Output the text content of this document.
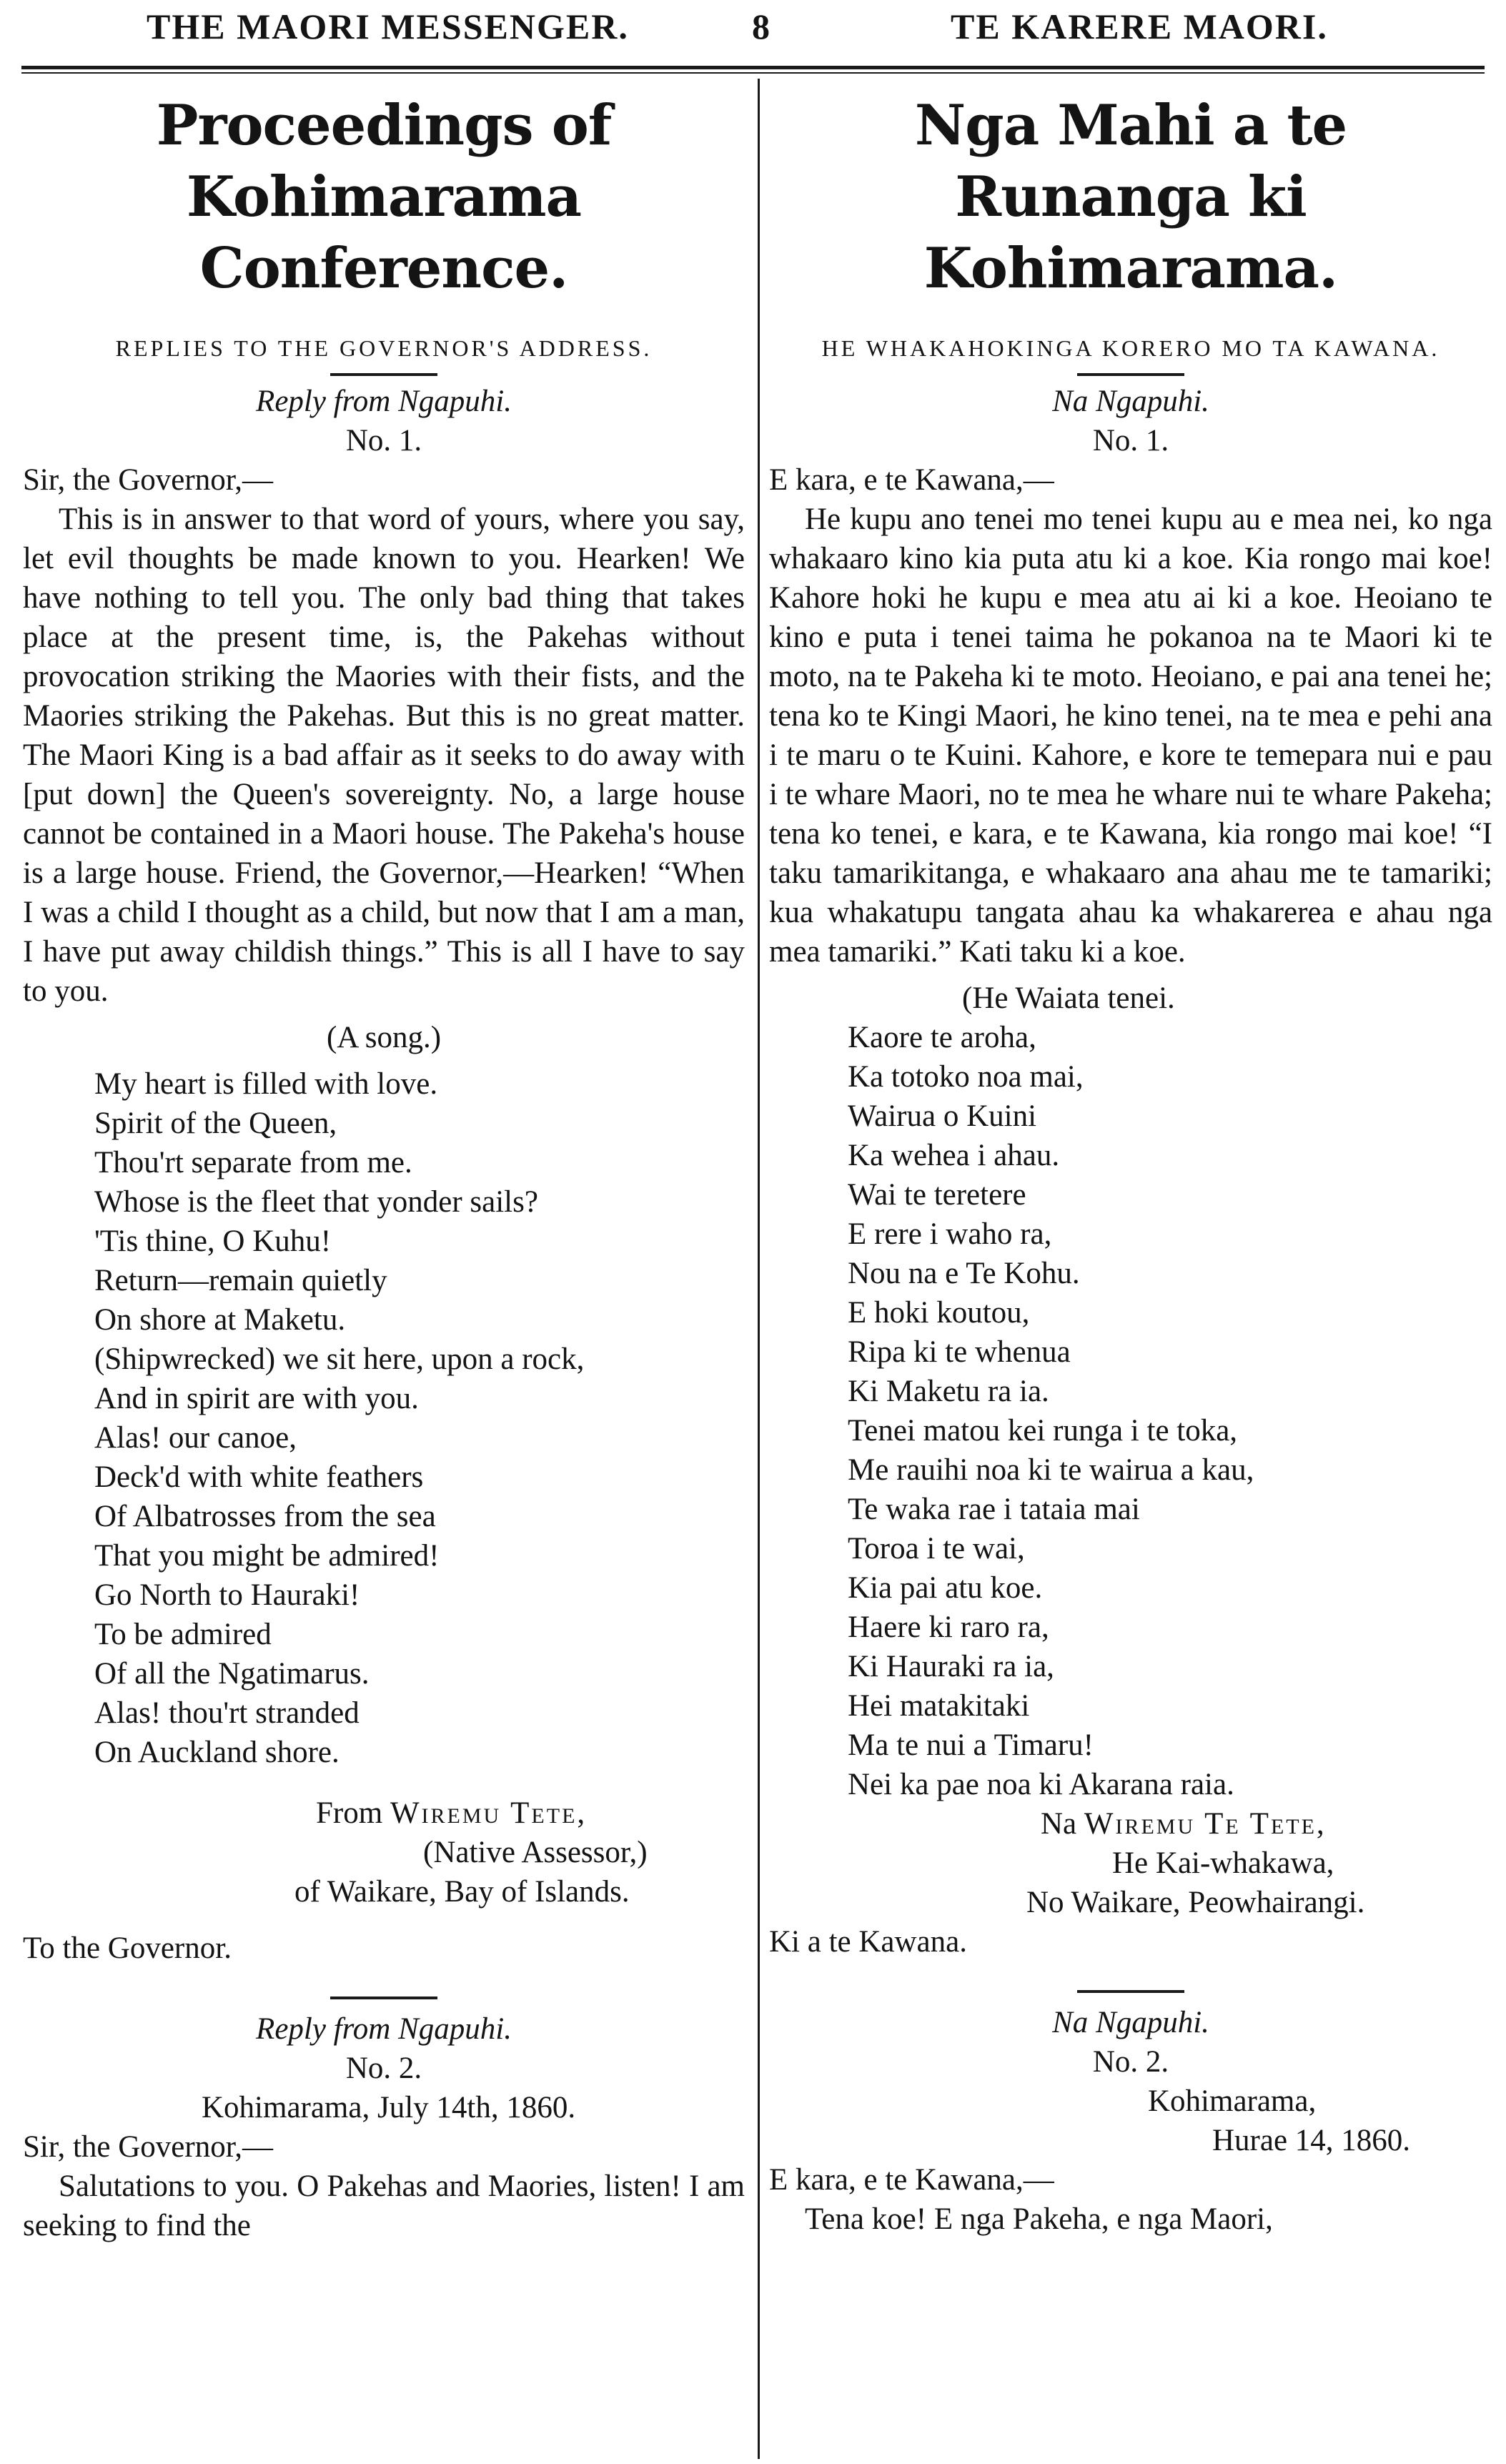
THE MAORI MESSENGER.	8	TE KARERE MAORI.
Proceedings of Kohimarama Conference.
REPLIES TO THE GOVERNOR'S ADDRESS.
Reply from Ngapuhi.
No. 1.
Sir, the Governor,—

This is in answer to that word of yours, where you say, let evil thoughts be made known to you. Hearken! We have nothing to tell you. The only bad thing that takes place at the present time, is, the Pakehas without provocation striking the Maories with their fists, and the Maories striking the Pakehas. But this is no great matter. The Maori King is a bad affair as it seeks to do away with [put down] the Queen's sovereignty. No, a large house cannot be contained in a Maori house. The Pakeha's house is a large house. Friend, the Governor,—Hearken! “When I was a child I thought as a child, but now that I am a man, I have put away childish things.” This is all I have to say to you.

(A song.)
My heart is filled with love.
Spirit of the Queen,
Thou'rt separate from me.
Whose is the fleet that yonder sails?
'Tis thine, O Kuhu!
Return—remain quietly
On shore at Maketu.
(Shipwrecked) we sit here, upon a rock,
And in spirit are with you.
Alas! our canoe,
Deck'd with white feathers
Of Albatrosses from the sea
That you might be admired!
Go North to Hauraki!
To be admired
Of all the Ngatimarus.
Alas! thou'rt stranded
On Auckland shore.
From Wiremu Tete,
(Native Assessor,)
of Waikare, Bay of Islands.
To the Governor.
Reply from Ngapuhi.
No. 2.
Kohimarama, July 14th, 1860.
Sir, the Governor,—

Salutations to you. O Pakehas and Maories, listen! I am seeking to find the

Nga Mahi a te Runanga ki Kohimarama.
HE WHAKAHOKINGA KORERO MO TA KAWANA.
Na Ngapuhi.
No. 1.
E kara, e te Kawana,—

He kupu ano tenei mo tenei kupu au e mea nei, ko nga whakaaro kino kia puta atu ki a koe. Kia rongo mai koe! Kahore hoki he kupu e mea atu ai ki a koe. Heoiano te kino e puta i tenei taima he pokanoa na te Maori ki te moto, na te Pakeha ki te moto. Heoiano, e pai ana tenei he; tena ko te Kingi Maori, he kino tenei, na te mea e pehi ana i te maru o te Kuini. Kahore, e kore te temepara nui e pau i te whare Maori, no te mea he whare nui te whare Pakeha; tena ko tenei, e kara, e te Kawana, kia rongo mai koe! “I taku tamarikitanga, e whakaaro ana ahau me te tamariki; kua whakatupu tangata ahau ka whakarerea e ahau nga mea tamariki.” Kati taku ki a koe.

(He Waiata tenei.
Kaore te aroha,
Ka totoko noa mai,
Wairua o Kuini
Ka wehea i ahau.
Wai te teretere
E rere i waho ra,
Nou na e Te Kohu.
E hoki koutou,
Ripa ki te whenua
Ki Maketu ra ia.
Tenei matou kei runga i te toka,
Me rauihi noa ki te wairua a kau,
Te waka rae i tataia mai
Toroa i te wai,
Kia pai atu koe.
Haere ki raro ra,
Ki Hauraki ra ia,
Hei matakitaki
Ma te nui a Timaru!
Nei ka pae noa ki Akarana raia.
Na Wiremu Te Tete,
He Kai-whakawa,
No Waikare, Peowhairangi.
Ki a te Kawana.
Na Ngapuhi.
No. 2.
Kohimarama,
Hurae 14, 1860.
E kara, e te Kawana,—

Tena koe! E nga Pakeha, e nga Maori,
